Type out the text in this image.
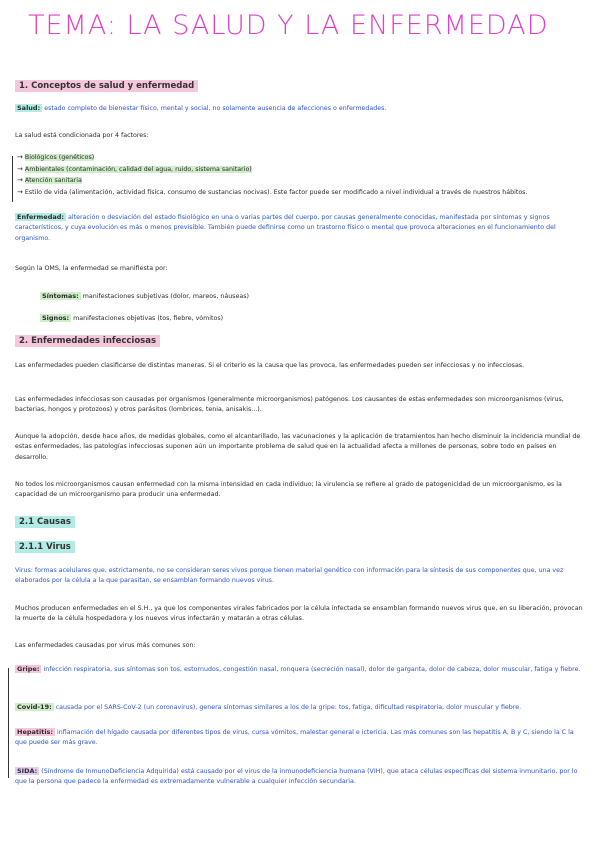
TEMA: LA SALUD Y LA ENFERMEDAD
1. Conceptos de salud y enfermedad
Salud: estado completo de bienestar físico, mental y social, no solamente ausencia de afecciones o enfermedades.
La salud está condicionada por 4 factores:
→ Biológicos (genéticos)
→ Ambientales (contaminación, calidad del agua, ruido, sistema sanitario)
→ Atención sanitaria
→ Estilo de vida (alimentación, actividad física, consumo de sustancias nocivas). Este factor puede ser modificado a nivel individual a través de nuestros hábitos.
Enfermedad: alteración o desviación del estado fisiológico en una o varias partes del cuerpo, por causas generalmente conocidas, manifestada por síntomas y signos característicos, y cuya evolución es más o menos previsible. También puede definirse como un trastorno físico o mental que provoca alteraciones en el funcionamiento del organismo.
Según la OMS, la enfermedad se manifiesta por:
Síntomas: manifestaciones subjetivas (dolor, mareos, náuseas)
Signos: manifestaciones objetivas (tos, fiebre, vómitos)
2. Enfermedades infecciosas
Las enfermedades pueden clasificarse de distintas maneras. Si el criterio es la causa que las provoca, las enfermedades pueden ser infecciosas y no infecciosas.
Las enfermedades infecciosas son causadas por organismos (generalmente microorganismos) patógenos. Los causantes de estas enfermedades son microorganismos (virus, bacterias, hongos y protozoos) y otros parásitos (lombrices, tenia, anisakis...).
Aunque la adopción, desde hace años, de medidas globales, como el alcantarillado, las vacunaciones y la aplicación de tratamientos han hecho disminuir la incidencia mundial de estas enfermedades, las patologías infecciosas suponen aún un importante problema de salud que en la actualidad afecta a millones de personas, sobre todo en países en desarrollo.
No todos los microorganismos causan enfermedad con la misma intensidad en cada individuo; la virulencia se refiere al grado de patogenicidad de un microorganismo, es la capacidad de un microorganismo para producir una enfermedad.
2.1 Causas
2.1.1 Virus
Virus: formas acelulares que, estrictamente, no se consideran seres vivos porque tienen material genético con información para la síntesis de sus componentes que, una vez elaborados por la célula a la que parasitan, se ensamblan formando nuevos virus.
Muchos producen enfermedades en el S.H., ya que los componentes virales fabricados por la célula infectada se ensamblan formando nuevos virus que, en su liberación, provocan la muerte de la célula hospedadora y los nuevos virus infectarán y matarán a otras células.
Las enfermedades causadas por virus más comunes son:
Gripe: infección respiratoria, sus síntomas son tos, estornudos, congestión nasal, ronquera (secreción nasal), dolor de garganta, dolor de cabeza, dolor muscular, fatiga y fiebre.
Covid-19: causada por el SARS-CoV-2 (un coronavirus), genera síntomas similares a los de la gripe: tos, fatiga, dificultad respiratoria, dolor muscular y fiebre.
Hepatitis: inflamación del hígado causada por diferentes tipos de virus, cursa vómitos, malestar general e ictericia. Las más comunes son las hepatitis A, B y C, siendo la C la que puede ser más grave.
SIDA: (Síndrome de InmunoDeficiencia Adquirida) está causado por el virus de la inmunodeficiencia humana (VIH), que ataca células específicas del sistema inmunitario, por lo que la persona que padece la enfermedad es extremadamente vulnerable a cualquier infección secundaria.
